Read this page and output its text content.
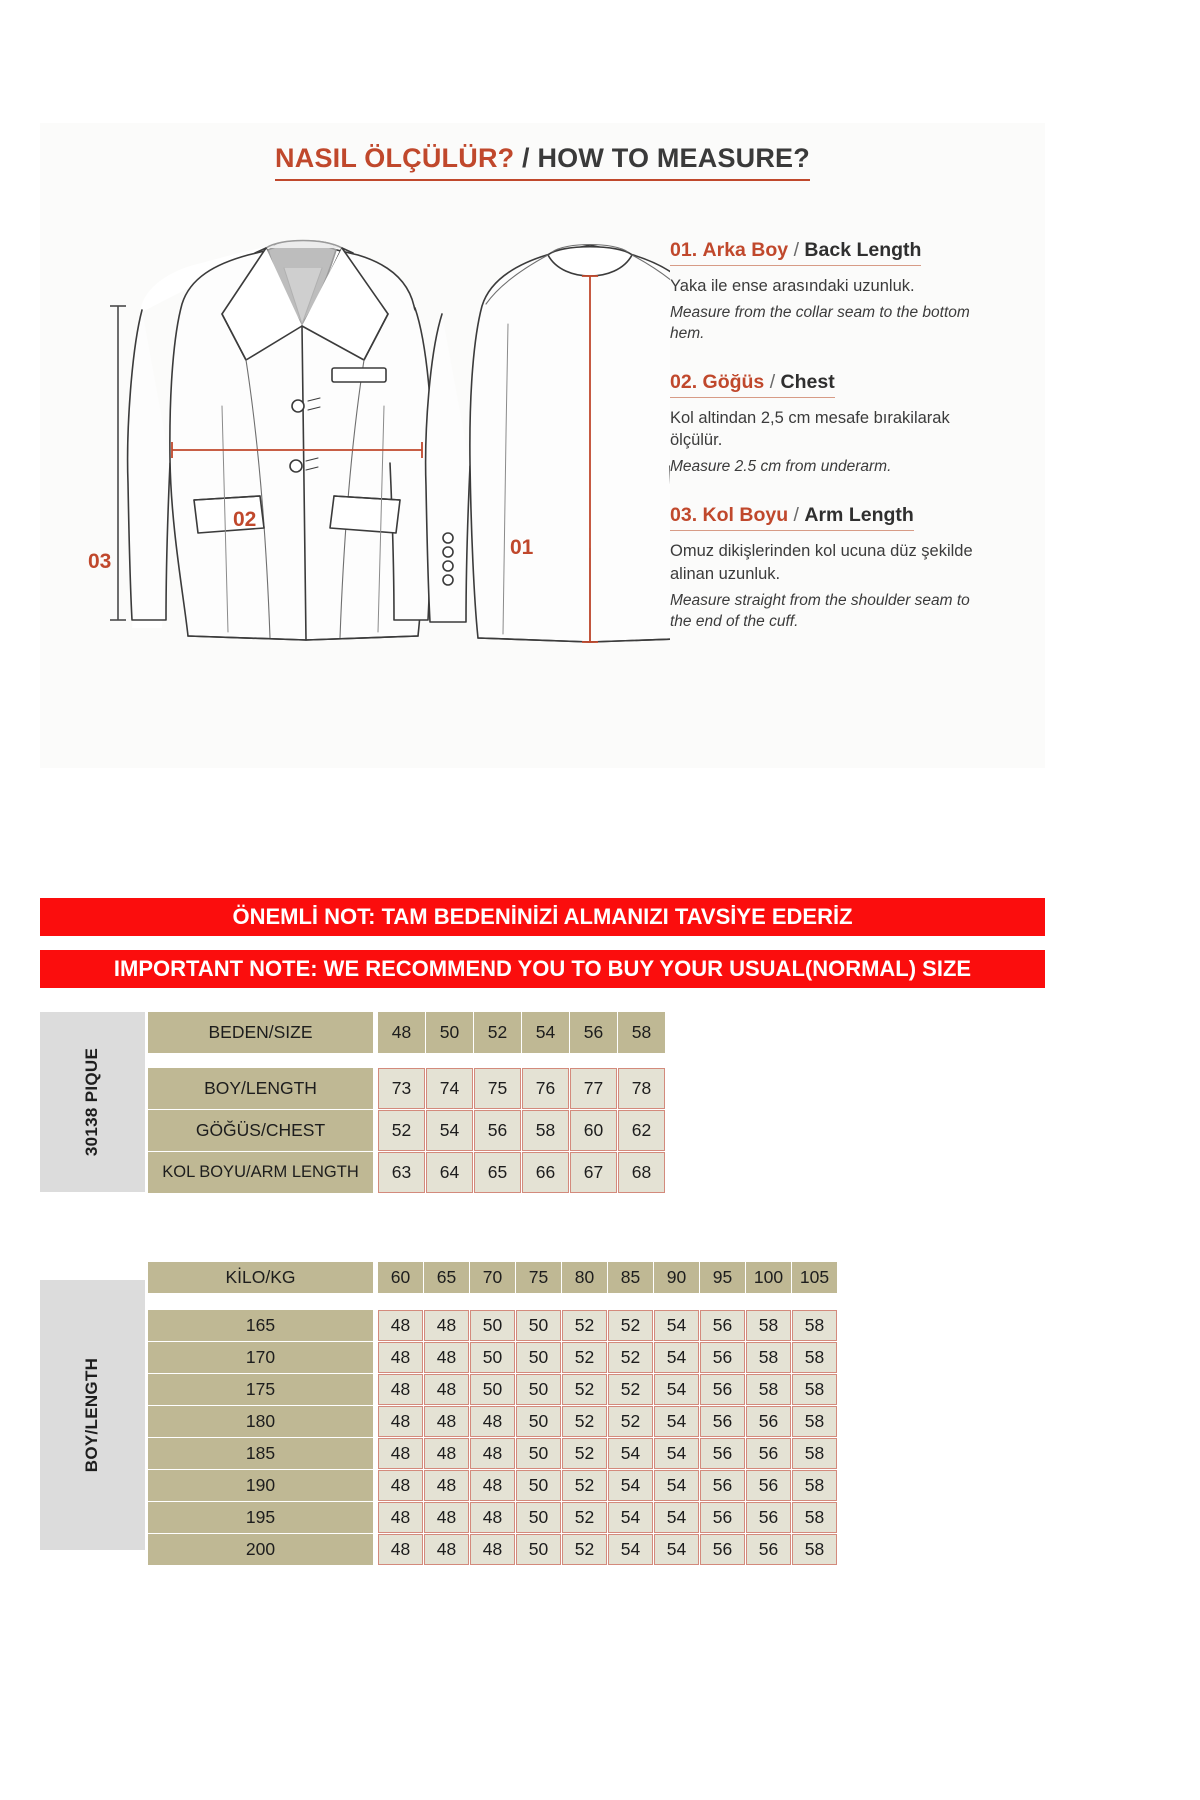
NASIL ÖLÇÜLÜR? / HOW TO MEASURE?
02
03
01
01. Arka Boy / Back Length

Yaka ile ense arasındaki uzunluk.

Measure from the collar seam to the bottom hem.

02. Göğüs / Chest

Kol altindan 2,5 cm mesafe bırakilarak ölçülür.

Measure 2.5 cm from underarm.

03. Kol Boyu / Arm Length

Omuz dikişlerinden kol ucuna düz şekilde alinan uzunluk.

Measure straight from the shoulder seam to the end of the cuff.

ÖNEMLİ NOT: TAM BEDENİNİZİ ALMANIZI TAVSİYE EDERİZ
IMPORTANT NOTE: WE RECOMMEND YOU TO BUY YOUR USUAL(NORMAL) SIZE
30138 PIQUE
BEDEN/SIZE	48	50	52	54	56	58
BOY/LENGTH	73	74	75	76	77	78
GÖĞÜS/CHEST	52	54	56	58	60	62
KOL BOYU/ARM LENGTH	63	64	65	66	67	68
BOY/LENGTH
KİLO/KG	60	65	70	75	80	85	90	95	100 105
165	48	48	50	50	52	52	54	56	58	58
170	48	48	50	50	52	52	54	56	58	58
175	48	48	50	50	52	52	54	56	58	58
180	48	48	48	50	52	52	54	56	56	58
185	48	48	48	50	52	54	54	56	56	58
190	48	48	48	50	52	54	54	56	56	58
195	48	48	48	50	52	54	54	56	56	58
200	48	48	48	50	52	54	54	56	56	58
